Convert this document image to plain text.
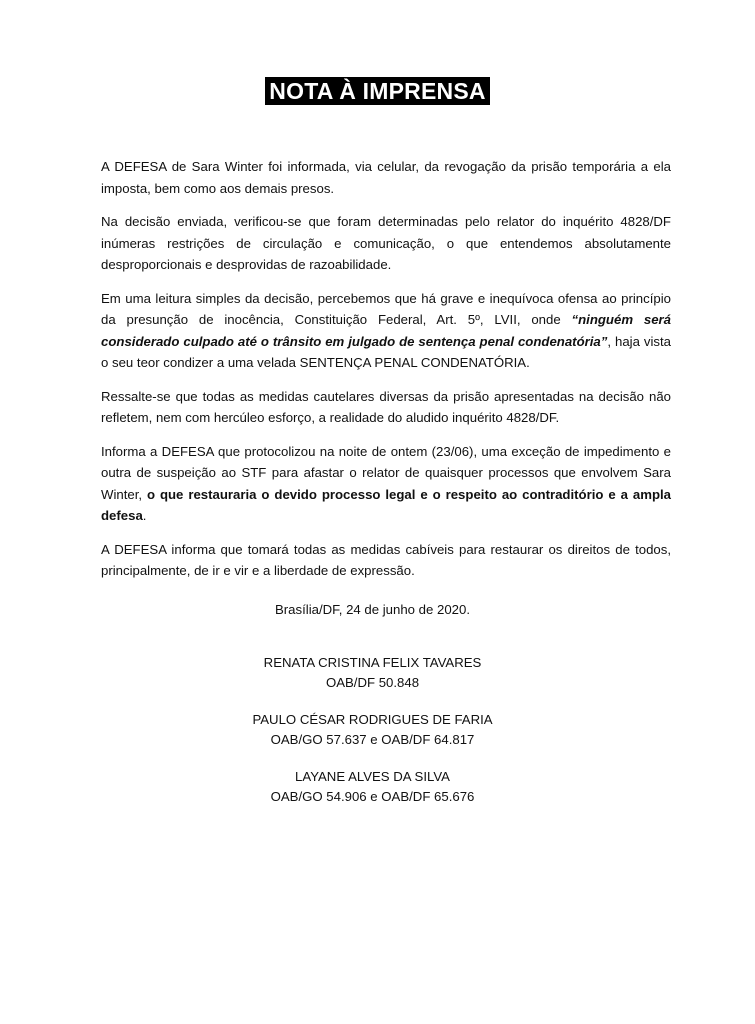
NOTA À IMPRENSA

A DEFESA de Sara Winter foi informada, via celular, da revogação da prisão temporária a ela imposta, bem como aos demais presos.

Na decisão enviada, verificou-se que foram determinadas pelo relator do inquérito 4828/DF inúmeras restrições de circulação e comunicação, o que entendemos absolutamente desproporcionais e desprovidas de razoabilidade.

Em uma leitura simples da decisão, percebemos que há grave e inequívoca ofensa ao princípio da presunção de inocência, Constituição Federal, Art. 5º, LVII, onde “ninguém será considerado culpado até o trânsito em julgado de sentença penal condenatória”, haja vista o seu teor condizer a uma velada SENTENÇA PENAL CONDENATÓRIA.

Ressalte-se que todas as medidas cautelares diversas da prisão apresentadas na decisão não refletem, nem com hercúleo esforço, a realidade do aludido inquérito 4828/DF.

Informa a DEFESA que protocolizou na noite de ontem (23/06), uma exceção de impedimento e outra de suspeição ao STF para afastar o relator de quaisquer processos que envolvem Sara Winter, o que restauraria o devido processo legal e o respeito ao contraditório e a ampla defesa.

A DEFESA informa que tomará todas as medidas cabíveis para restaurar os direitos de todos, principalmente, de ir e vir e a liberdade de expressão.

Brasília/DF, 24 de junho de 2020.
RENATA CRISTINA FELIX TAVARES
OAB/DF 50.848
PAULO CÉSAR RODRIGUES DE FARIA
OAB/GO 57.637 e OAB/DF 64.817
LAYANE ALVES DA SILVA
OAB/GO 54.906 e OAB/DF 65.676
